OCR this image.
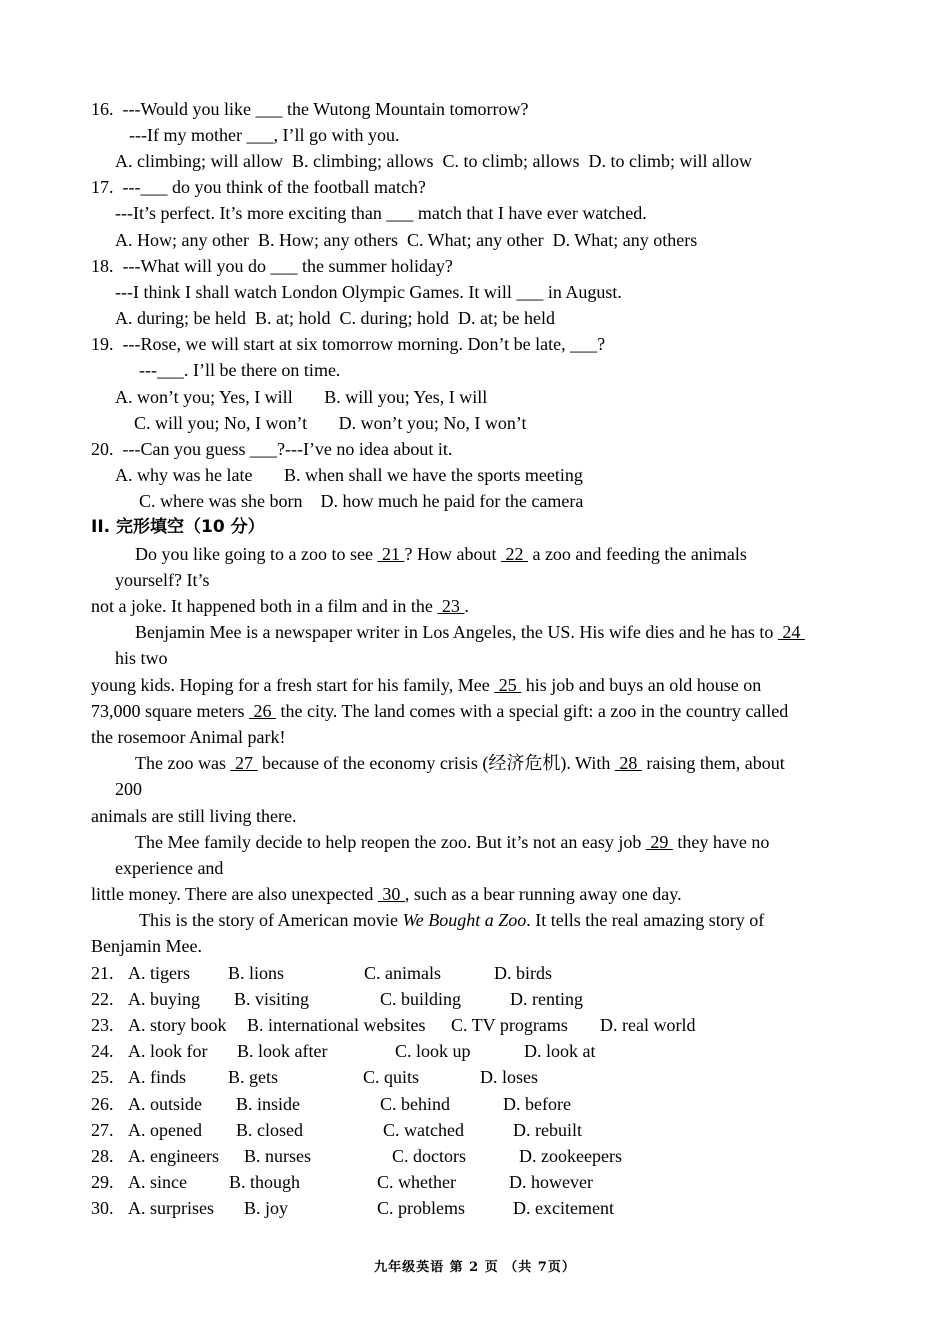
16.  ---Would you like ___ the Wutong Mountain tomorrow?
---If my mother ___, I’ll go with you.
A. climbing; will allow  B. climbing; allows  C. to climb; allows  D. to climb; will allow
17.  ---___ do you think of the football match?
---It’s perfect. It’s more exciting than ___ match that I have ever watched.
A. How; any other  B. How; any others  C. What; any other  D. What; any others
18.  ---What will you do ___ the summer holiday?
---I think I shall watch London Olympic Games. It will ___ in August.
A. during; be held  B. at; hold  C. during; hold  D. at; be held
19.  ---Rose, we will start at six tomorrow morning. Don’t be late, ___?
---___. I’ll be there on time.
A. won’t you; Yes, I will       B. will you; Yes, I will
C. will you; No, I won’t       D. won’t you; No, I won’t
20.  ---Can you guess ___?---I’ve no idea about it.
A. why was he late       B. when shall we have the sports meeting
C. where was she born    D. how much he paid for the camera
II. 完形填空（10 分）
Do you like going to a zoo to see  21 ? How about  22  a zoo and feeding the animals
yourself? It’s
not a joke. It happened both in a film and in the  23 .
Benjamin Mee is a newspaper writer in Los Angeles, the US. His wife dies and he has to  24
his two
young kids. Hoping for a fresh start for his family, Mee  25  his job and buys an old house on
73,000 square meters  26  the city. The land comes with a special gift: a zoo in the country called
the rosemoor Animal park!
The zoo was  27  because of the economy crisis (经济危机). With  28  raising them, about
200
animals are still living there.
The Mee family decide to help reopen the zoo. But it’s not an easy job  29  they have no
experience and
little money. There are also unexpected  30 , such as a bear running away one day.
This is the story of American movie We Bought a Zoo. It tells the real amazing story of
Benjamin Mee.
21. A. tigers B. lions	C. animals	D. birds
22. A. buying B. visiting	C. building	D. renting
23. A. story book B. international websites C. TV programs D. real world
24. A. look for B. look after	C. look up	D. look at
25. A. finds B. gets	C. quits	D. loses
26. A. outside B. inside	C. behind	D. before
27. A. opened B. closed	C. watched	D. rebuilt
28. A. engineers B. nurses	C. doctors	D. zookeepers
29. A. since B. though	C. whether	D. however
30. A. surprises B. joy	C. problems	D. excitement
九年级英语 第 2 页 （共 7页）
